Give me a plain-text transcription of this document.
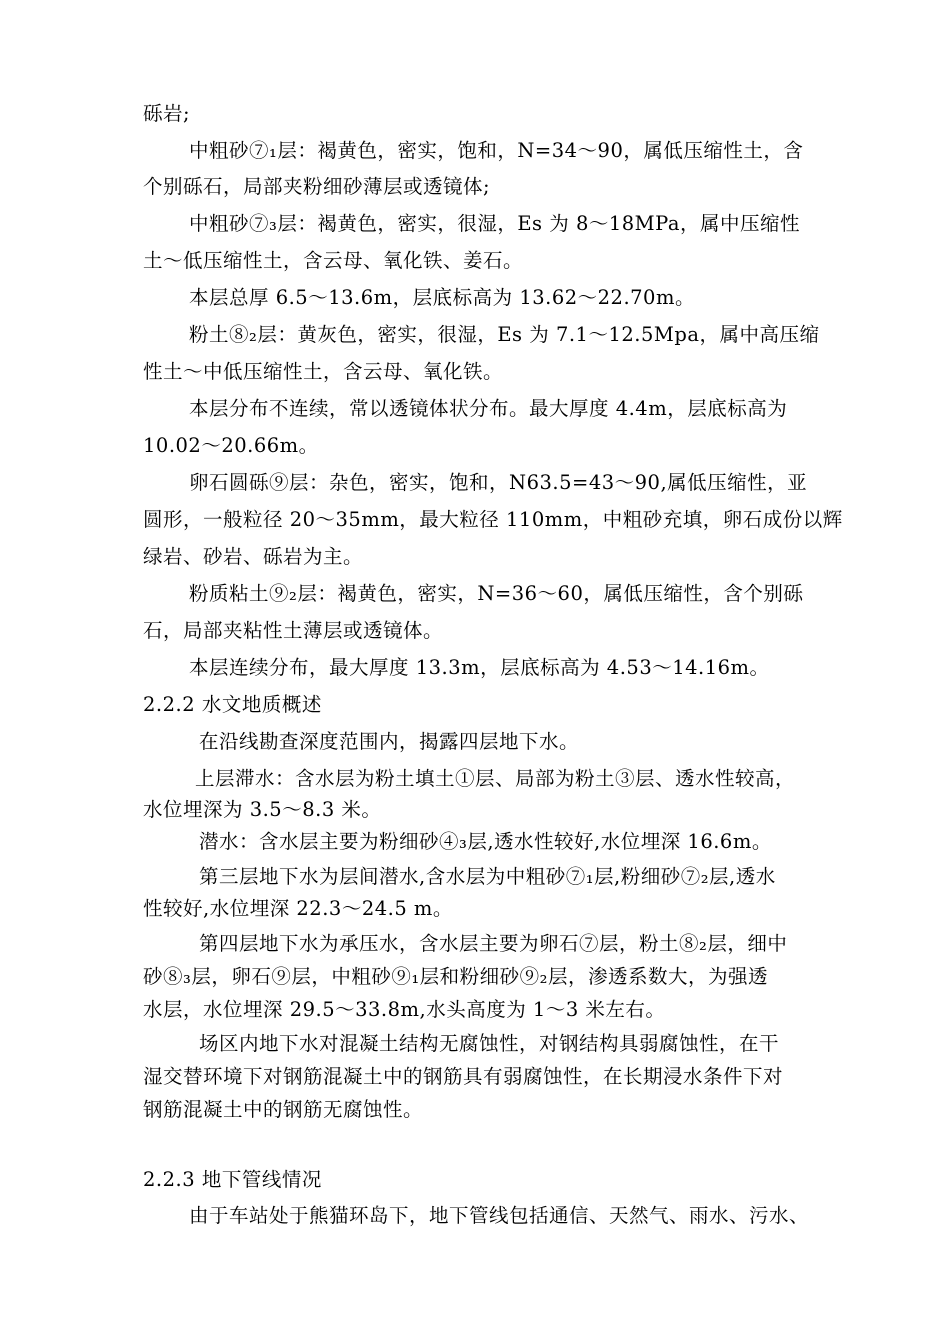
砾岩;
中粗砂⑦₁层：褐黄色，密实，饱和，N=34～90，属低压缩性土，含
个别砾石，局部夹粉细砂薄层或透镜体;
中粗砂⑦₃层：褐黄色，密实，很湿，Es 为 8～18MPa，属中压缩性
土～低压缩性土，含云母、氧化铁、姜石。
本层总厚 6.5～13.6m，层底标高为 13.62～22.70m。
粉土⑧₂层：黄灰色，密实，很湿，Es 为 7.1～12.5Mpa，属中高压缩
性土～中低压缩性土，含云母、氧化铁。
本层分布不连续，常以透镜体状分布。最大厚度 4.4m，层底标高为
10.02～20.66m。
卵石圆砾⑨层：杂色，密实，饱和，N63.5=43～90,属低压缩性，亚
圆形，一般粒径 20～35mm，最大粒径 110mm，中粗砂充填，卵石成份以辉
绿岩、砂岩、砾岩为主。
粉质粘土⑨₂层：褐黄色，密实，N=36～60，属低压缩性，含个别砾
石，局部夹粘性土薄层或透镜体。
本层连续分布，最大厚度 13.3m，层底标高为 4.53～14.16m。
2.2.2 水文地质概述
在沿线勘查深度范围内，揭露四层地下水。
上层滞水：含水层为粉土填土①层、局部为粉土③层、透水性较高，
水位埋深为 3.5～8.3 米。
潜水：含水层主要为粉细砂④₃层,透水性较好,水位埋深 16.6m。
第三层地下水为层间潜水,含水层为中粗砂⑦₁层,粉细砂⑦₂层,透水
性较好,水位埋深 22.3～24.5 m。
第四层地下水为承压水，含水层主要为卵石⑦层，粉土⑧₂层，细中
砂⑧₃层，卵石⑨层，中粗砂⑨₁层和粉细砂⑨₂层，渗透系数大，为强透
水层，水位埋深 29.5～33.8m,水头高度为 1～3 米左右。
场区内地下水对混凝土结构无腐蚀性，对钢结构具弱腐蚀性，在干
湿交替环境下对钢筋混凝土中的钢筋具有弱腐蚀性，在长期浸水条件下对
钢筋混凝土中的钢筋无腐蚀性。
2.2.3 地下管线情况
由于车站处于熊猫环岛下，地下管线包括通信、天然气、雨水、污水、
